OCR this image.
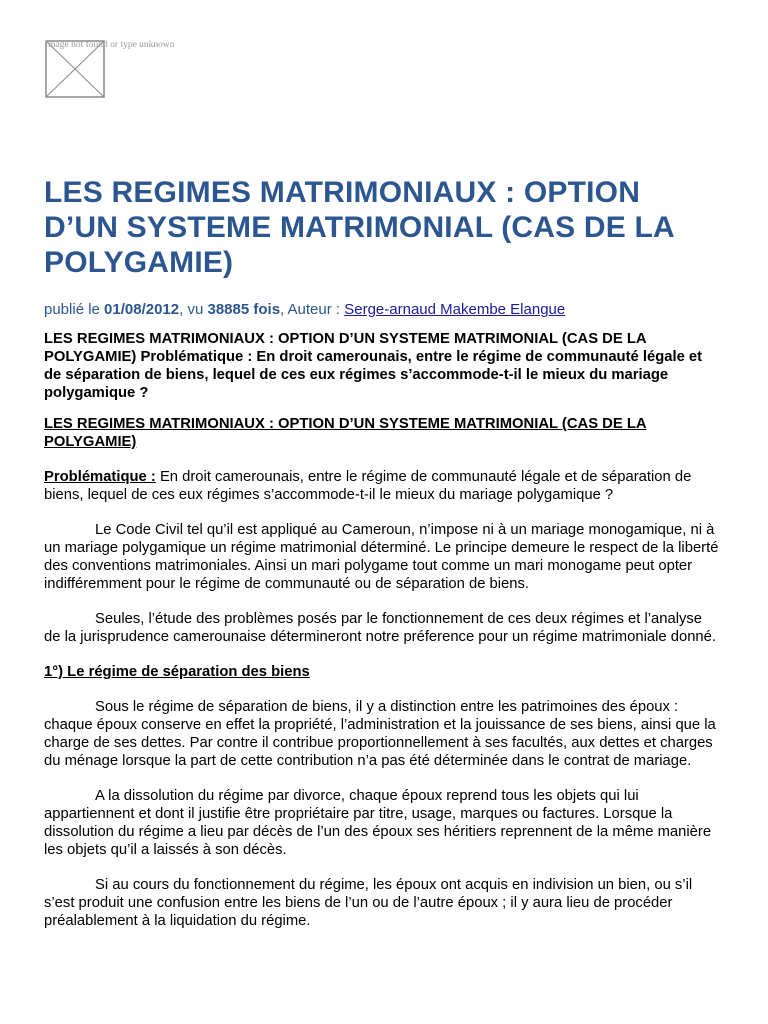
Image not found or type unknown
LES REGIMES MATRIMONIAUX : OPTION D’UN SYSTEME MATRIMONIAL (CAS DE LA POLYGAMIE)
publié le 01/08/2012, vu 38885 fois, Auteur : Serge-arnaud Makembe Elangue
LES REGIMES MATRIMONIAUX : OPTION D’UN SYSTEME MATRIMONIAL (CAS DE LA POLYGAMIE) Problématique : En droit camerounais, entre le régime de communauté légale et de séparation de biens, lequel de ces eux régimes s’accommode-t-il le mieux du mariage polygamique ?
LES REGIMES MATRIMONIAUX : OPTION D’UN SYSTEME MATRIMONIAL (CAS DE LA POLYGAMIE)

Problématique : En droit camerounais, entre le régime de communauté légale et de séparation de biens, lequel de ces eux régimes s’accommode-t-il le mieux du mariage polygamique ?

Le Code Civil tel qu’il est appliqué au Cameroun, n’impose ni à un mariage monogamique, ni à un mariage polygamique un régime matrimonial déterminé. Le principe demeure le respect de la liberté des conventions matrimoniales. Ainsi un mari polygame tout comme un mari monogame peut opter indifféremment pour le régime de communauté ou de séparation de biens.

Seules, l’étude des problèmes posés par le fonctionnement de ces deux régimes et l’analyse de la jurisprudence camerounaise détermineront notre préference pour un régime matrimoniale donné.

1°) Le régime de séparation des biens

Sous le régime de séparation de biens, il y a distinction entre les patrimoines des époux : chaque époux conserve en effet la propriété, l’administration et la jouissance de ses biens, ainsi que la charge de ses dettes. Par contre il contribue proportionnellement à ses facultés, aux dettes et charges du ménage lorsque la part de cette contribution n’a pas été déterminée dans le contrat de mariage.

A la dissolution du régime par divorce, chaque époux reprend tous les objets qui lui appartiennent et dont il justifie être propriétaire par titre, usage, marques ou factures. Lorsque la dissolution du régime a lieu par décès de l’un des époux ses héritiers reprennent de la même manière les objets qu’il a laissés à son décès.

Si au cours du fonctionnement du régime, les époux ont acquis en indivision un bien, ou s’il s’est produit une confusion entre les biens de l’un ou de l’autre époux ; il y aura lieu de procéder préalablement à la liquidation du régime.
